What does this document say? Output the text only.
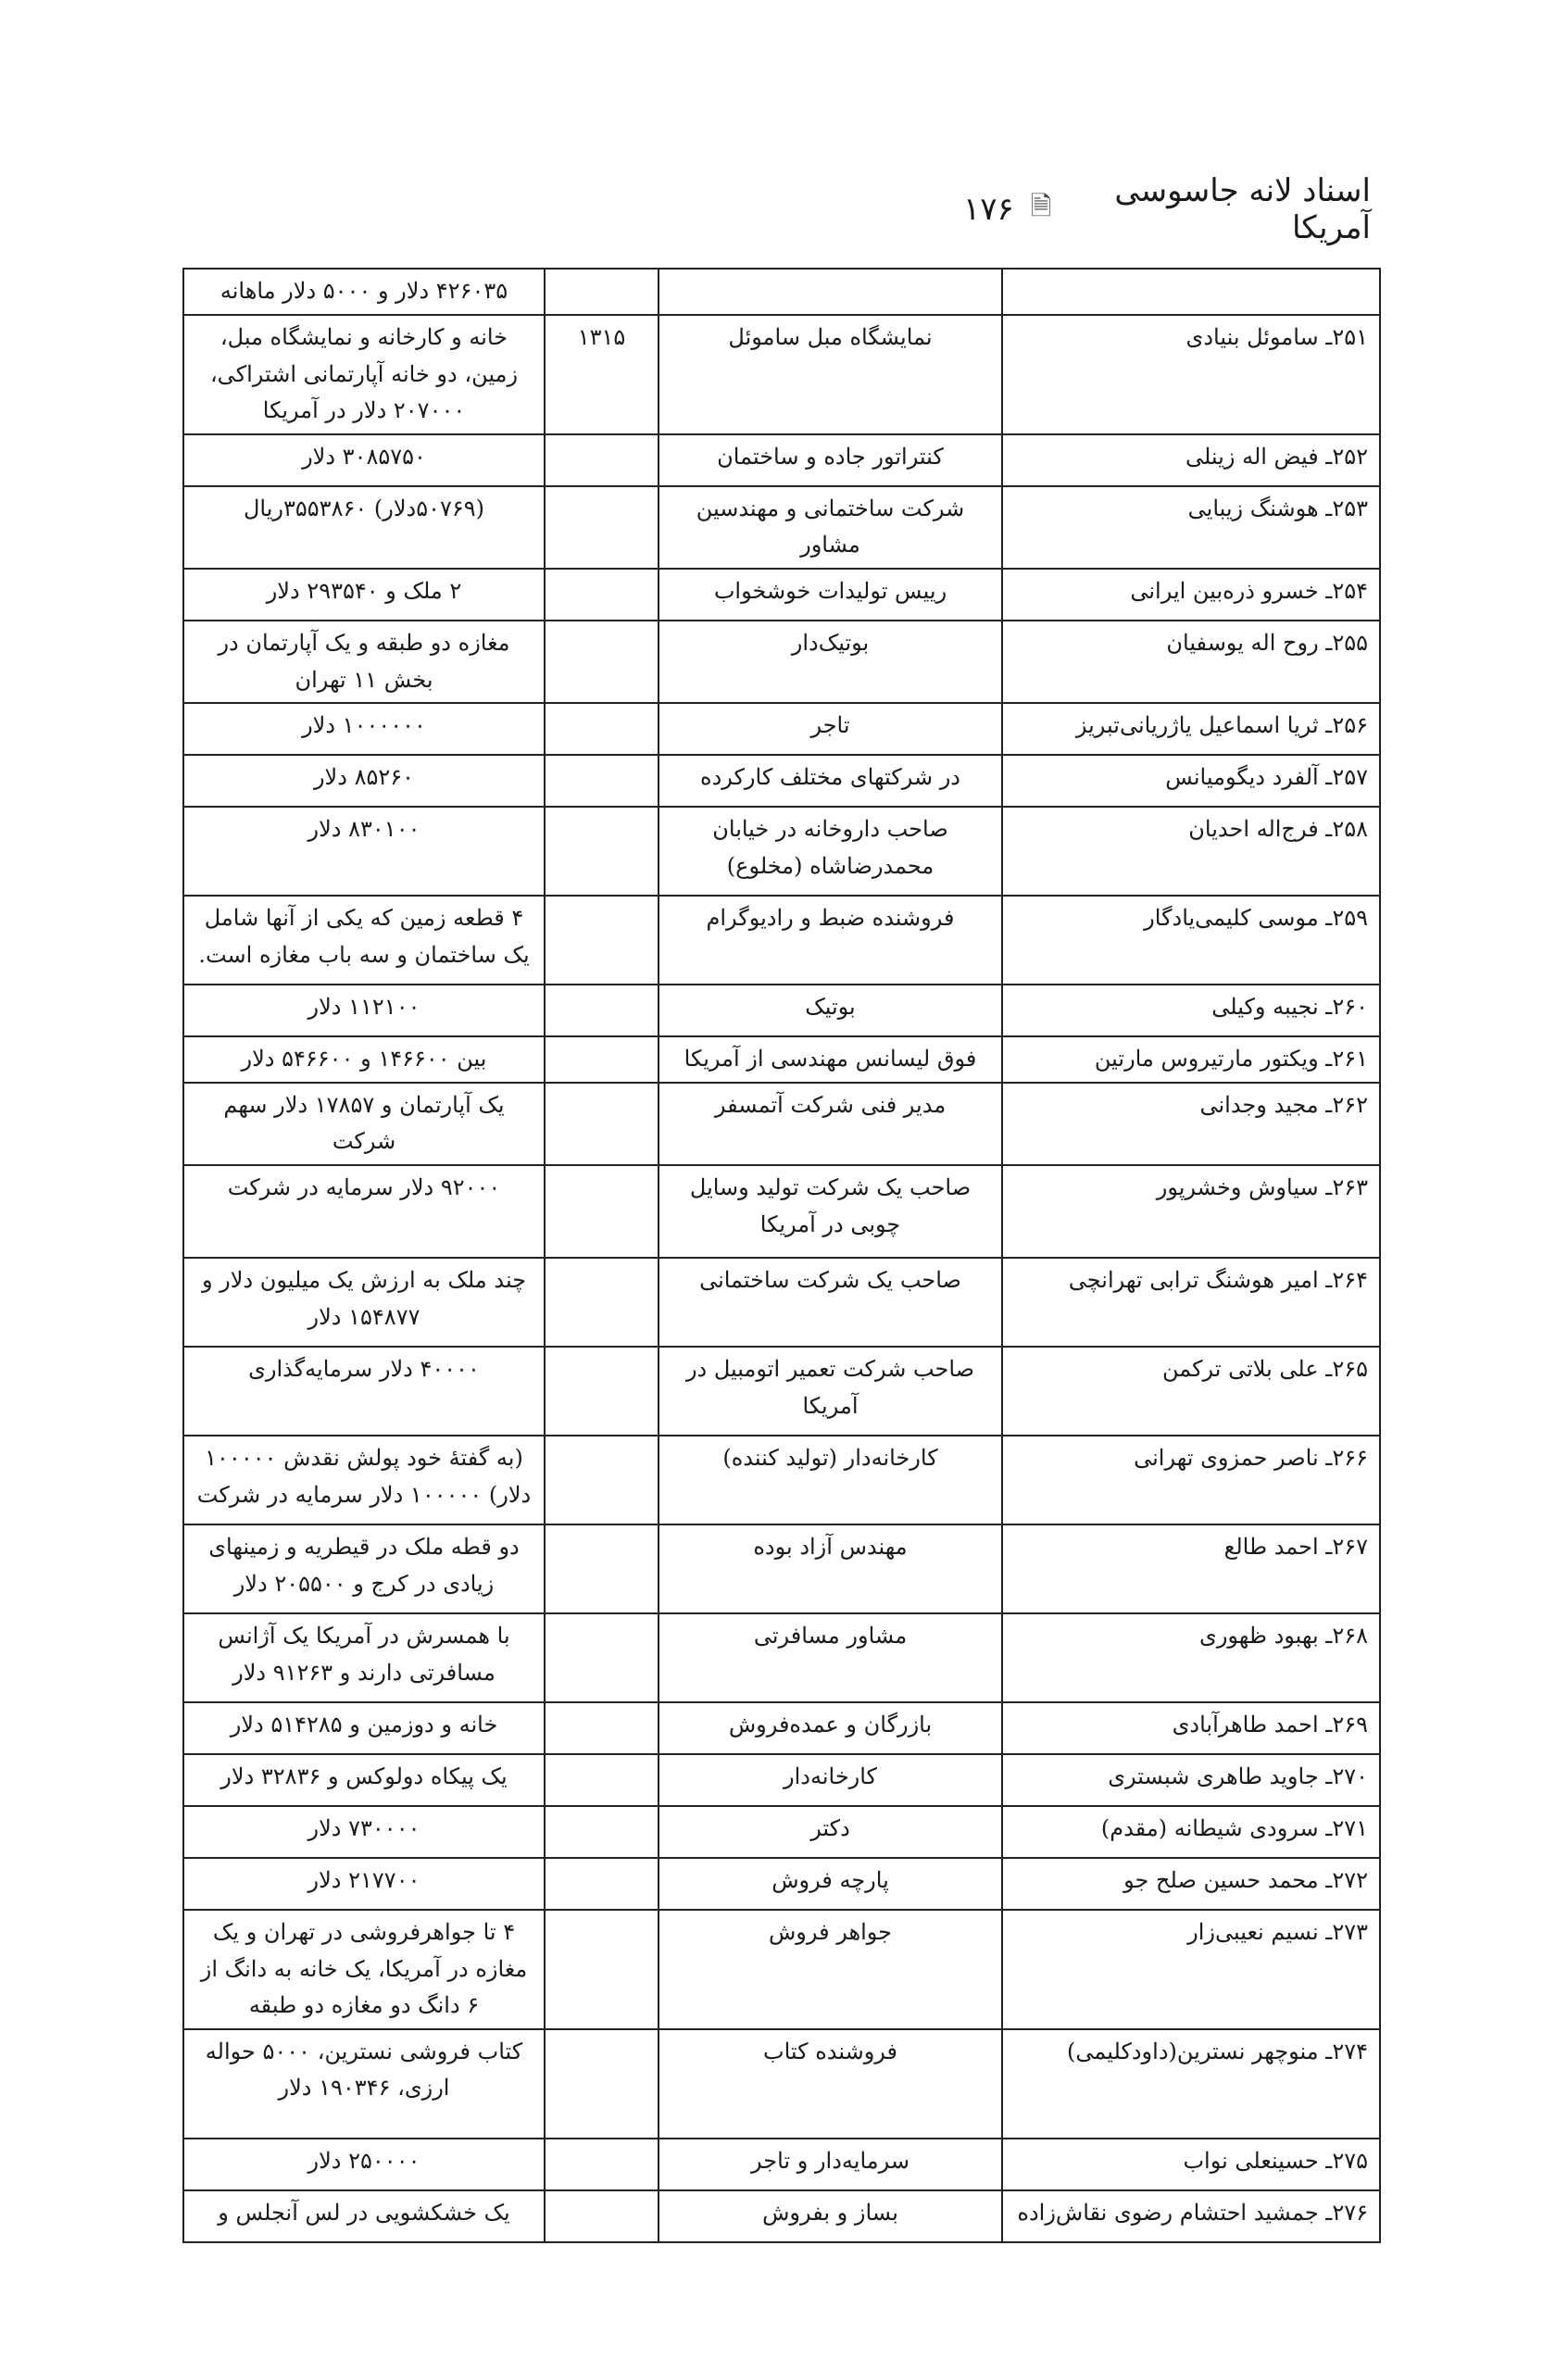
اسناد لانه جاسوسی آمریکا
🗎
۱۷۶
			۴۲۶۰۳۵ دلار و ۵۰۰۰ دلار ماهانه
۲۵۱ـ ساموئل بنیادی	نمایشگاه مبل ساموئل	۱۳۱۵	خانه و کارخانه و نمایشگاه مبل، زمین، دو خانه آپارتمانی اشتراکی، ۲۰۷۰۰۰ دلار در آمریکا
۲۵۲ـ فیض اله زینلی	کنتراتور جاده و ساختمان		۳۰۸۵۷۵۰ دلار
۲۵۳ـ هوشنگ زیبایی	شرکت ساختمانی و مهندسین مشاور		(۵۰۷۶۹دلار) ۳۵۵۳۸۶۰ریال
۲۵۴ـ خسرو ذره‌بین ایرانی	رییس تولیدات خوشخواب		۲ ملک و ۲۹۳۵۴۰ دلار
۲۵۵ـ روح اله یوسفیان	بوتیک‌دار		مغازه دو طبقه و یک آپارتمان در بخش ۱۱ تهران
۲۵۶ـ ثریا اسماعیل یاژ‌ریانی‌تبریز	تاجر		۱۰۰۰۰۰۰ دلار
۲۵۷ـ آلفرد دیگومیانس	در شرکتهای مختلف کارکرده		۸۵۲۶۰ دلار
۲۵۸ـ فرج‌اله احدیان	صاحب داروخانه در خیابان محمدرضاشاه (مخلوع)		۸۳۰۱۰۰ دلار
۲۵۹ـ موسی کلیمی‌یادگار	فروشنده ضبط و رادیوگرام		۴ قطعه زمین که یکی از آنها شامل یک ساختمان و سه باب مغازه است.
۲۶۰ـ نجیبه وکیلی	بوتیک		۱۱۲۱۰۰ دلار
۲۶۱ـ ویکتور مارتیروس مارتین	فوق لیسانس مهندسی از آمریکا		بین ۱۴۶۶۰۰ و ۵۴۶۶۰۰ دلار
۲۶۲ـ مجید وجدانی	مدیر فنی شرکت آتمسفر		یک آپارتمان و ۱۷۸۵۷ دلار سهم شرکت
۲۶۳ـ سیاوش وخشرپور	صاحب یک شرکت تولید وسایل چوبی در آمریکا		۹۲۰۰۰ دلار سرمایه در شرکت
۲۶۴ـ امیر هوشنگ ترابی تهرانچی	صاحب یک شرکت ساختمانی		چند ملک به ارزش یک میلیون دلار و ۱۵۴۸۷۷ دلار
۲۶۵ـ علی بلاتی ترکمن	صاحب شرکت تعمیر اتومبیل در آمریکا		۴۰۰۰۰ دلار سرمایه‌گذاری
۲۶۶ـ ناصر حمزوی تهرانی	کارخانه‌دار (تولید کننده)		(به گفتهٔ خود پولش نقدش ۱۰۰۰۰۰ دلار) ۱۰۰۰۰۰ دلار سرمایه در شرکت
۲۶۷ـ احمد طالع	مهندس آزاد بوده		دو قطه ملک در قیطریه و زمینهای زیادی در کرج و ۲۰۵۵۰۰ دلار
۲۶۸ـ بهبود ظهوری	مشاور مسافرتی		با همسرش در آمریکا یک آژانس مسافرتی دارند و ۹۱۲۶۳ دلار
۲۶۹ـ احمد طاهرآبادی	بازرگان و عمده‌فروش		خانه و دوزمین و ۵۱۴۲۸۵ دلار
۲۷۰ـ جاوید طاهری شبستری	کارخانه‌دار		یک پیکاه دولوکس و ۳۲۸۳۶ دلار
۲۷۱ـ سرودی شیطانه (مقدم)	دکتر		۷۳۰۰۰۰ دلار
۲۷۲ـ محمد حسین صلح جو	پارچه فروش		۲۱۷۷۰۰ دلار
۲۷۳ـ نسیم نعیبی‌زار	جواهر فروش		۴ تا جواهرفروشی در تهران و یک مغازه در آمریکا، یک خانه به دانگ از ۶ دانگ دو مغازه دو طبقه
۲۷۴ـ منوچهر نسترین(داودکلیمی)	فروشنده کتاب		کتاب فروشی نسترین، ۵۰۰۰ حواله ارزی، ۱۹۰۳۴۶ دلار
۲۷۵ـ حسینعلی نواب	سرمایه‌دار و تاجر		۲۵۰۰۰۰ دلار
۲۷۶ـ جمشید احتشام رضوی نقاش‌زاده	بساز و بفروش		یک خشکشویی در لس آنجلس و
